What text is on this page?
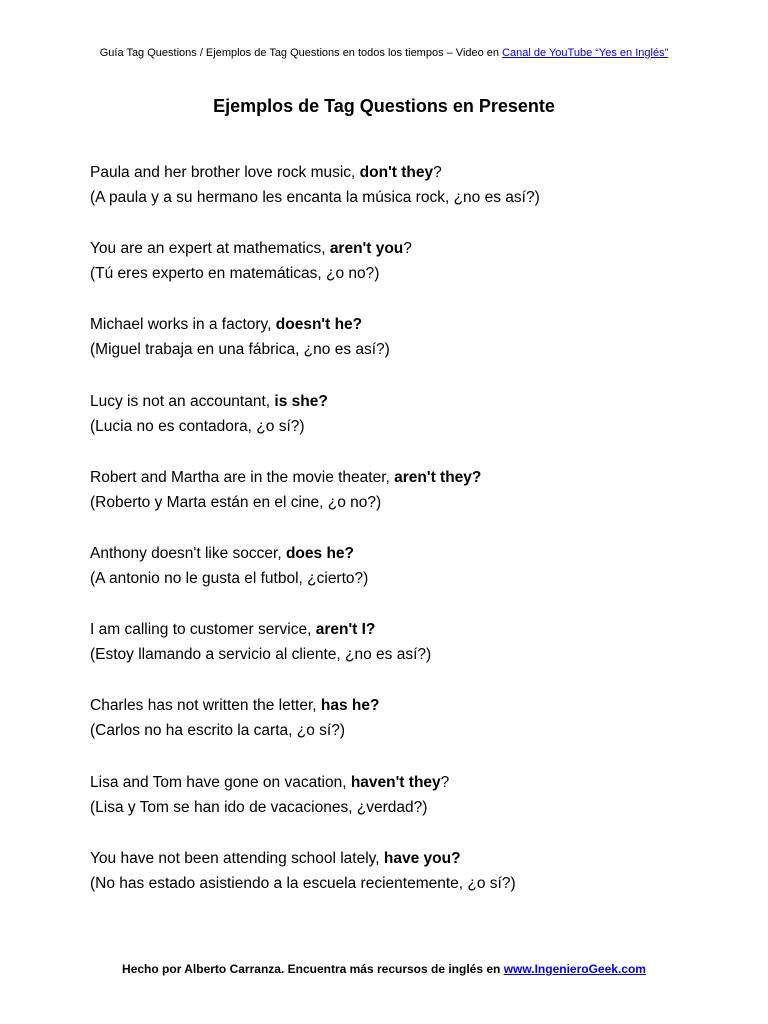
Guía Tag Questions / Ejemplos de Tag Questions en todos los tiempos – Video en Canal de YouTube “Yes en Inglés”
Ejemplos de Tag Questions en Presente
Paula and her brother love rock music, don't they?
(A paula y a su hermano les encanta la música rock, ¿no es así?)
You are an expert at mathematics, aren't you?
(Tú eres experto en matemáticas, ¿o no?)
Michael works in a factory, doesn't he?
(Miguel trabaja en una fábrica, ¿no es así?)
Lucy is not an accountant, is she?
(Lucia no es contadora, ¿o sí?)
Robert and Martha are in the movie theater, aren't they?
(Roberto y Marta están en el cine, ¿o no?)
Anthony doesn't like soccer, does he?
(A antonio no le gusta el futbol, ¿cierto?)
I am calling to customer service, aren't I?
(Estoy llamando a servicio al cliente, ¿no es así?)
Charles has not written the letter, has he?
(Carlos no ha escrito la carta, ¿o sí?)
Lisa and Tom have gone on vacation, haven't they?
(Lisa y Tom se han ido de vacaciones, ¿verdad?)
You have not been attending school lately, have you?
(No has estado asistiendo a la escuela recientemente, ¿o sí?)
Hecho por Alberto Carranza. Encuentra más recursos de inglés en www.IngenieroGeek.com
